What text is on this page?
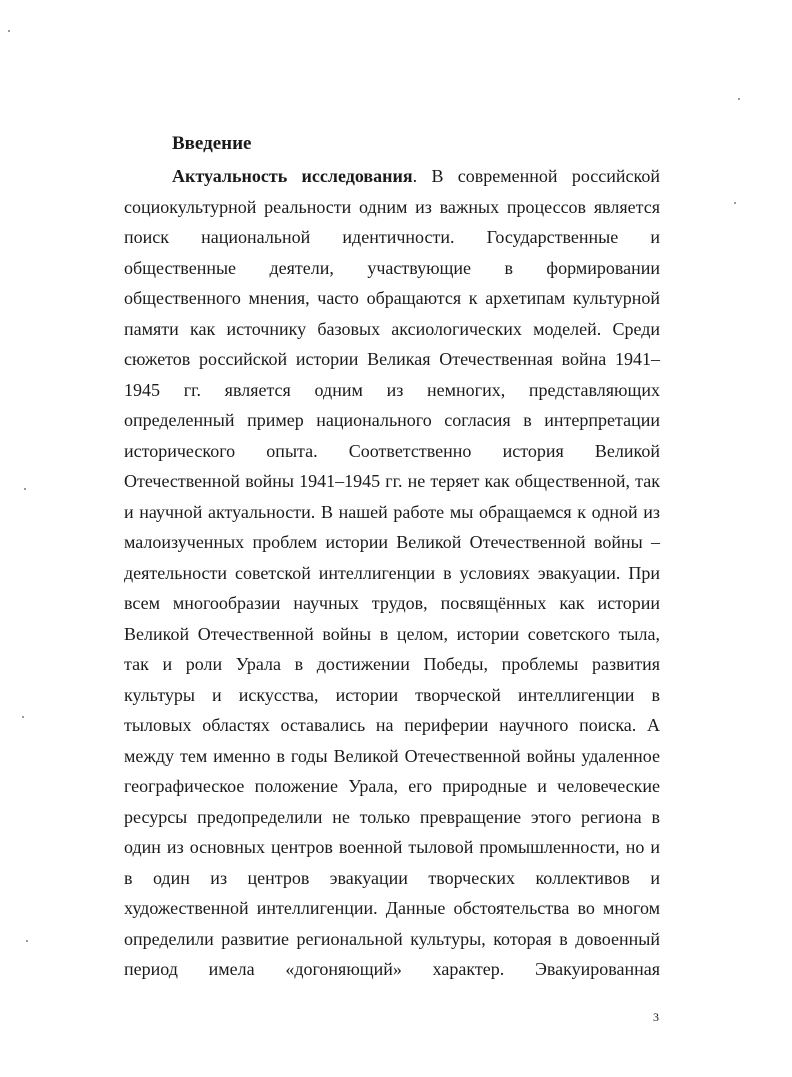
Введение
Актуальность исследования. В современной российской
социокультурной реальности одним из важных процессов является
поиск национальной идентичности. Государственные и
общественные деятели, участвующие в формировании
общественного мнения, часто обращаются к архетипам культурной
памяти как источнику базовых аксиологических моделей. Среди
сюжетов российской истории Великая Отечественная война 1941–
1945 гг. является одним из немногих, представляющих
определенный пример национального согласия в интерпретации
исторического опыта. Соответственно история Великой
Отечественной войны 1941–1945 гг. не теряет как общественной, так
и научной актуальности. В нашей работе мы обращаемся к одной из
малоизученных проблем истории Великой Отечественной войны –
деятельности советской интеллигенции в условиях эвакуации. При
всем многообразии научных трудов, посвящённых как истории
Великой Отечественной войны в целом, истории советского тыла,
так и роли Урала в достижении Победы, проблемы развития
культуры и искусства, истории творческой интеллигенции в
тыловых областях оставались на периферии научного поиска. А
между тем именно в годы Великой Отечественной войны удаленное
географическое положение Урала, его природные и человеческие
ресурсы предопределили не только превращение этого региона в
один из основных центров военной тыловой промышленности, но и
в один из центров эвакуации творческих коллективов и
художественной интеллигенции. Данные обстоятельства во многом
определили развитие региональной культуры, которая в довоенный
период имела «догоняющий» характер. Эвакуированная
3
